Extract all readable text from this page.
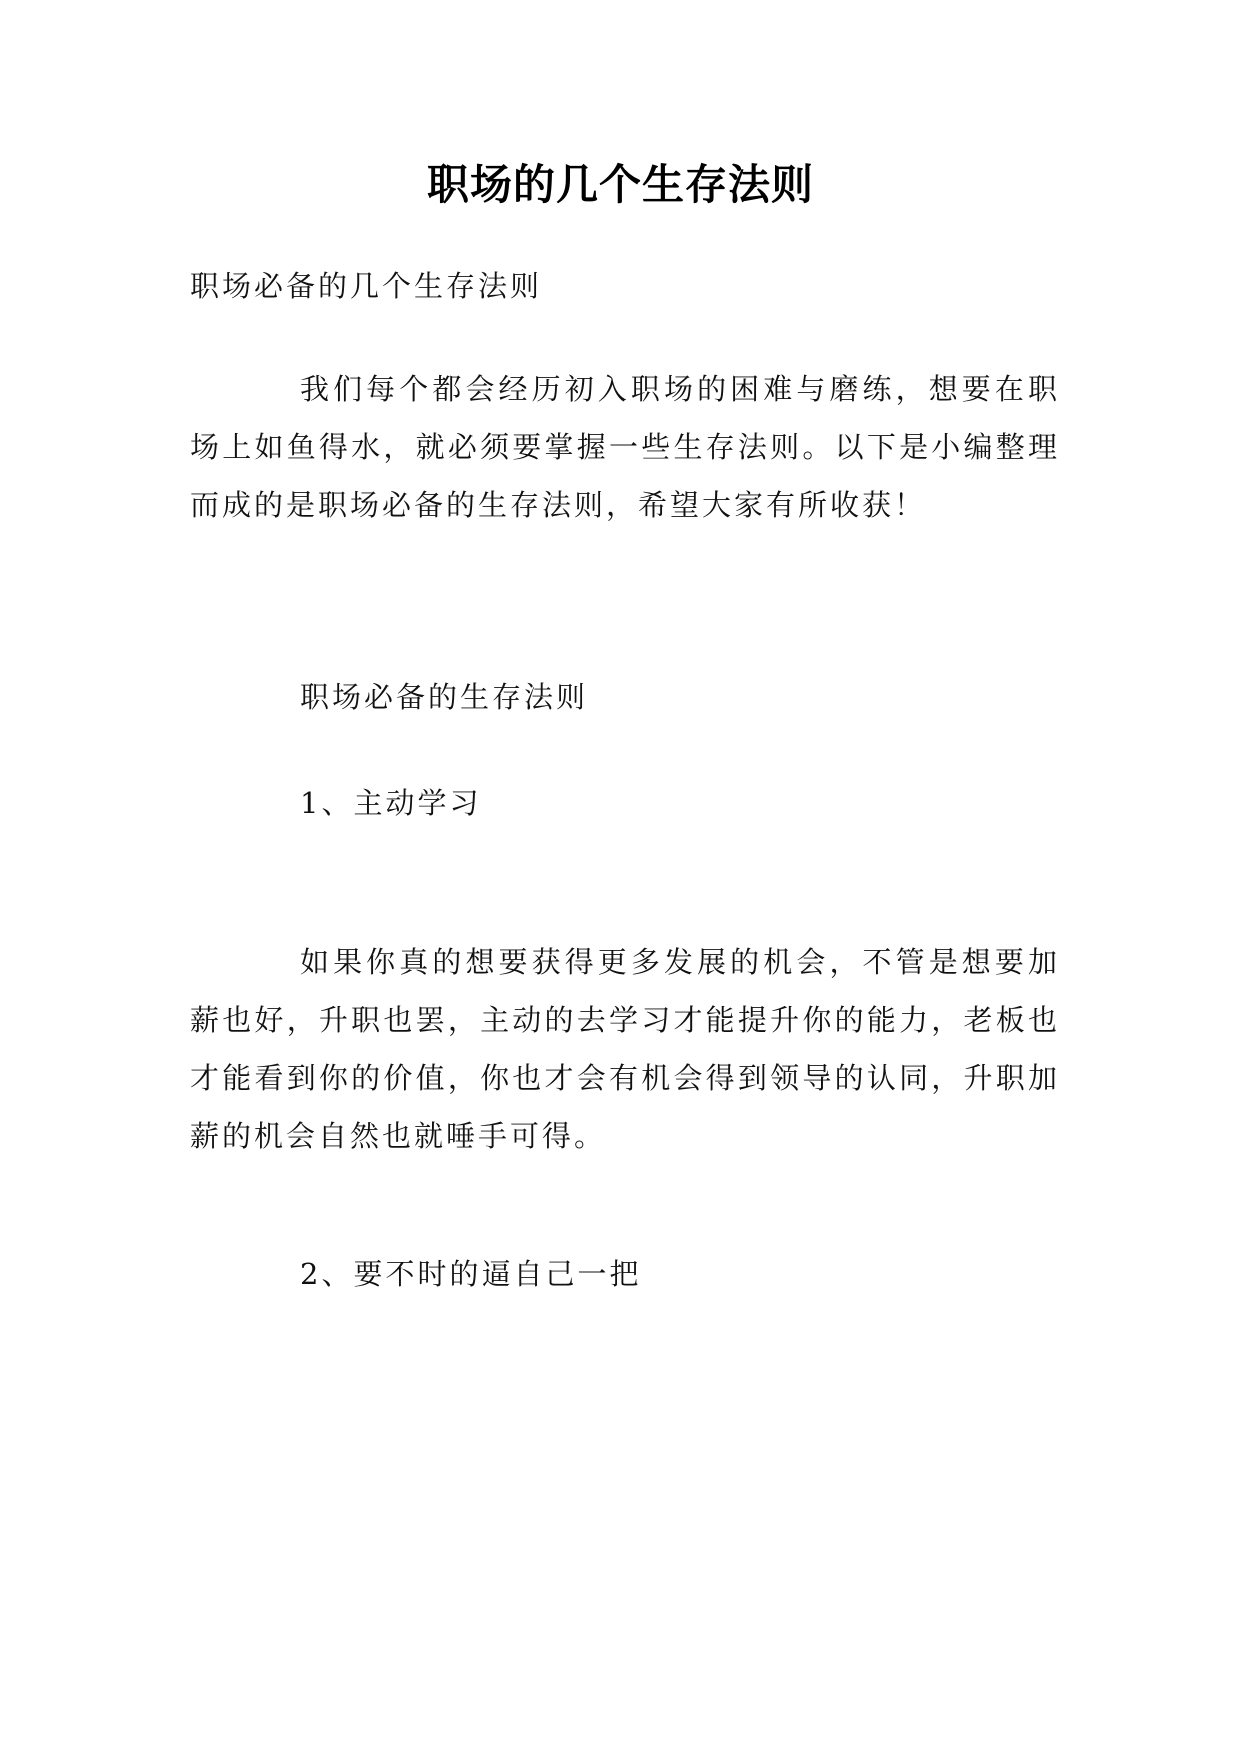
职场的几个生存法则

职场必备的几个生存法则

我们每个都会经历初入职场的困难与磨练，想要在职场上如鱼得水，就必须要掌握一些生存法则。以下是小编整理而成的是职场必备的生存法则，希望大家有所收获！

职场必备的生存法则

1、主动学习

如果你真的想要获得更多发展的机会，不管是想要加薪也好，升职也罢，主动的去学习才能提升你的能力，老板也才能看到你的价值，你也才会有机会得到领导的认同，升职加薪的机会自然也就唾手可得。

2、要不时的逼自己一把
